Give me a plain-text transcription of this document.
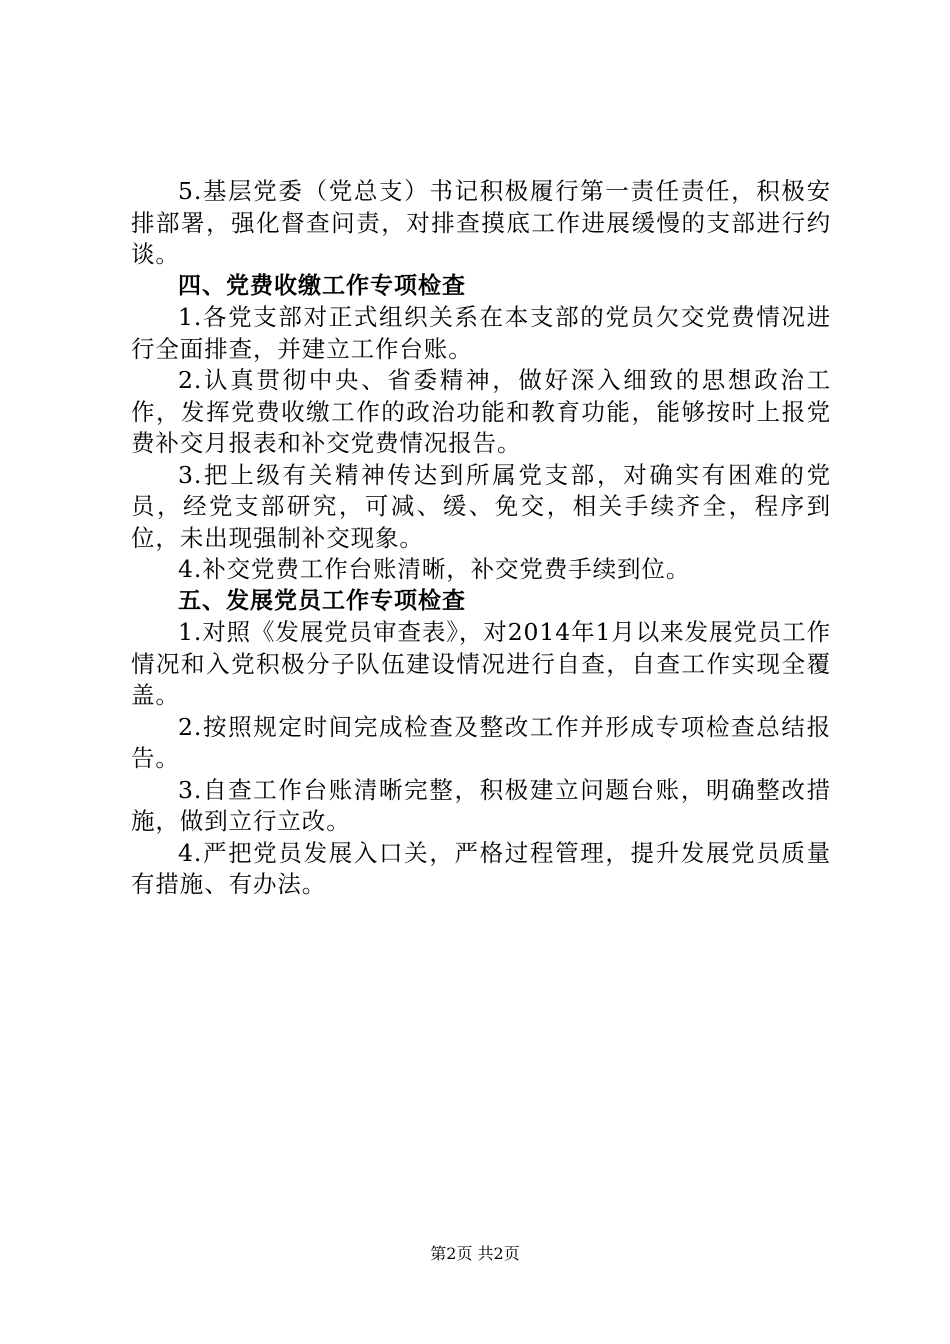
5.基层党委（党总支）书记积极履行第一责任责任，积极安排部署，强化督查问责，对排查摸底工作进展缓慢的支部进行约谈。

四、党费收缴工作专项检查

1.各党支部对正式组织关系在本支部的党员欠交党费情况进行全面排查，并建立工作台账。

2.认真贯彻中央、省委精神，做好深入细致的思想政治工作，发挥党费收缴工作的政治功能和教育功能，能够按时上报党费补交月报表和补交党费情况报告。

3.把上级有关精神传达到所属党支部，对确实有困难的党员，经党支部研究，可减、缓、免交，相关手续齐全，程序到位，未出现强制补交现象。

4.补交党费工作台账清晰，补交党费手续到位。

五、发展党员工作专项检查

1.对照《发展党员审查表》，对2014年1月以来发展党员工作情况和入党积极分子队伍建设情况进行自查，自查工作实现全覆盖。

2.按照规定时间完成检查及整改工作并形成专项检查总结报告。

3.自查工作台账清晰完整，积极建立问题台账，明确整改措施，做到立行立改。

4.严把党员发展入口关，严格过程管理，提升发展党员质量有措施、有办法。

第2页 共2页
